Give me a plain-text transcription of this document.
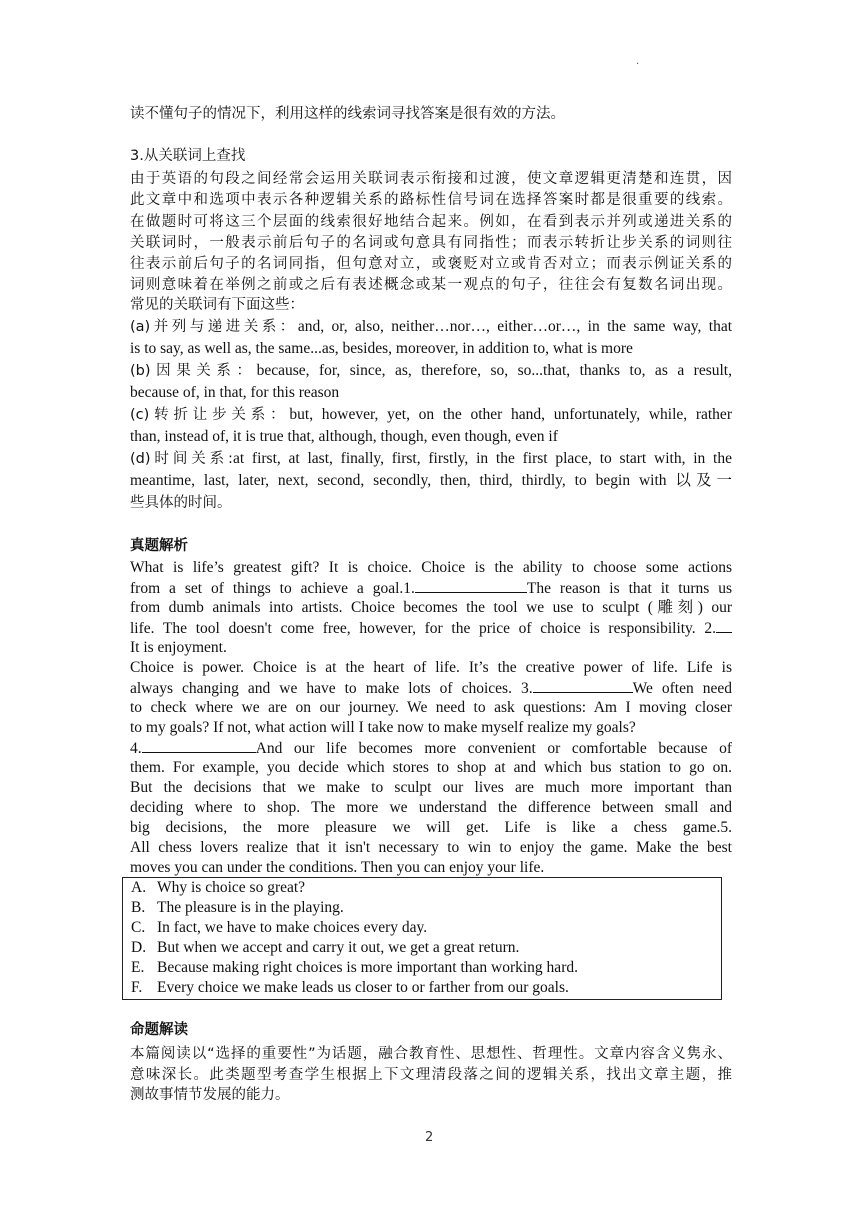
.
读不懂句子的情况下，利用这样的线索词寻找答案是很有效的方法。
3.从关联词上查找
由于英语的句段之间经常会运用关联词表示衔接和过渡，使文章逻辑更清楚和连贯，因
此文章中和选项中表示各种逻辑关系的路标性信号词在选择答案时都是很重要的线索。
在做题时可将这三个层面的线索很好地结合起来。例如，在看到表示并列或递进关系的
关联词时，一般表示前后句子的名词或句意具有同指性；而表示转折让步关系的词则往
往表示前后句子的名词同指，但句意对立，或褒贬对立或肯否对立；而表示例证关系的
词则意味着在举例之前或之后有表述概念或某一观点的句子，往往会有复数名词出现。
常见的关联词有下面这些：
(a)并列与递进关系：and, or, also, neither…nor…, either…or…, in the same way, that
is to say, as well as, the same...as, besides, moreover, in addition to, what is more
(b)因果关系：because, for, since, as, therefore, so, so...that, thanks to, as a result,
because of, in that, for this reason
(c)转折让步关系：but, however, yet, on the other hand, unfortunately, while, rather
than, instead of, it is true that, although, though, even though, even if
(d)时间关系:at first, at last, finally, first, firstly, in the first place, to start with, in the
meantime, last, later, next, second, secondly, then, third, thirdly, to begin with 以及一
些具体的时间。
真题解析
What is life’s greatest gift? It is choice. Choice is the ability to choose some actions
from a set of things to achieve a goal.1.	The reason is that it turns us
from dumb animals into artists. Choice becomes the tool we use to sculpt (雕刻) our
life. The tool doesn't come free, however, for the price of choice is responsibility. 2.
It is enjoyment.
Choice is power. Choice is at the heart of life. It’s the creative power of life. Life is
always changing and we have to make lots of choices. 3.	We often need
to check where we are on our journey. We need to ask questions: Am I moving closer
to my goals? If not, what action will I take now to make myself realize my goals?
4.	And our life becomes more convenient or comfortable because of
them. For example, you decide which stores to shop at and which bus station to go on.
But the decisions that we make to sculpt our lives are much more important than
deciding where to shop. The more we understand the difference between small and
big decisions, the more pleasure we will get. Life is like a chess game.5.
All chess lovers realize that it isn't necessary to win to enjoy the game. Make the best
moves you can under the conditions. Then you can enjoy your life.
A. Why is choice so great?
B. The pleasure is in the playing.
C. In fact, we have to make choices every day.
D. But when we accept and carry it out, we get a great return.
E. Because making right choices is more important than working hard.
F. Every choice we make leads us closer to or farther from our goals.
命题解读
本篇阅读以“选择的重要性”为话题，融合教育性、思想性、哲理性。文章内容含义隽永、
意味深长。此类题型考查学生根据上下文理清段落之间的逻辑关系，找出文章主题，推
测故事情节发展的能力。
2
